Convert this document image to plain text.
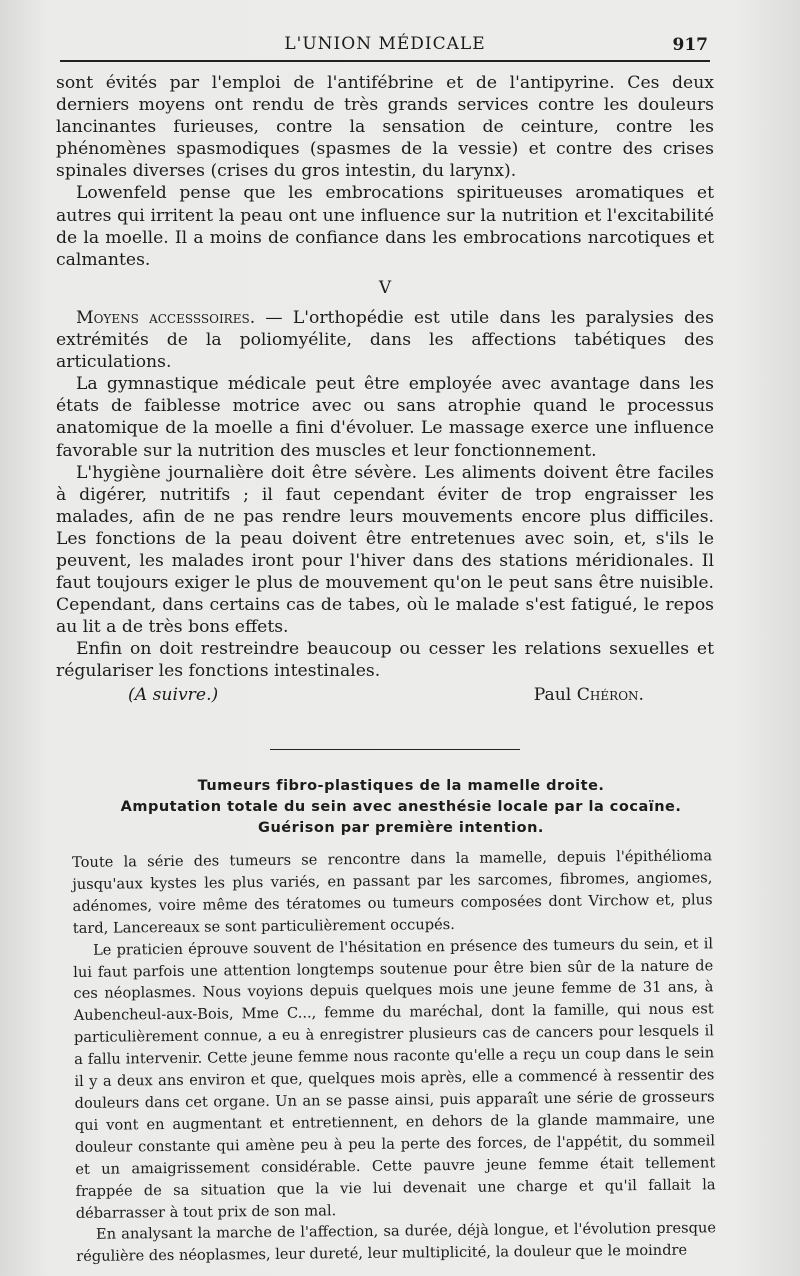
L'UNION MÉDICALE	917

sont évités par l'emploi de l'antifébrine et de l'antipyrine. Ces deux derniers moyens ont rendu de très grands services contre les douleurs lancinantes furieuses, contre la sensation de ceinture, contre les phénomènes spasmodiques (spasmes de la vessie) et contre des crises spinales diverses (crises du gros intestin, du larynx).

Lowenfeld pense que les embrocations spiritueuses aromatiques et autres qui irritent la peau ont une influence sur la nutrition et l'excitabilité de la moelle. Il a moins de confiance dans les embrocations narcotiques et calmantes.

V

Moyens accesssoires. — L'orthopédie est utile dans les paralysies des extrémités de la poliomyélite, dans les affections tabétiques des articulations.

La gymnastique médicale peut être employée avec avantage dans les états de faiblesse motrice avec ou sans atrophie quand le processus anatomique de la moelle a fini d'évoluer. Le massage exerce une influence favorable sur la nutrition des muscles et leur fonctionnement.

L'hygiène journalière doit être sévère. Les aliments doivent être faciles à digérer, nutritifs ; il faut cependant éviter de trop engraisser les malades, afin de ne pas rendre leurs mouvements encore plus difficiles. Les fonctions de la peau doivent être entretenues avec soin, et, s'ils le peuvent, les malades iront pour l'hiver dans des stations méridionales. Il faut toujours exiger le plus de mouvement qu'on le peut sans être nuisible. Cependant, dans certains cas de tabes, où le malade s'est fatigué, le repos au lit a de très bons effets.

Enfin on doit restreindre beaucoup ou cesser les relations sexuelles et régulariser les fonctions intestinales.

(A suivre.)	Paul Chéron.
Tumeurs fibro-plastiques de la mamelle droite.
Amputation totale du sein avec anesthésie locale par la cocaïne.
Guérison par première intention.

Toute la série des tumeurs se rencontre dans la mamelle, depuis l'épithélioma jusqu'aux kystes les plus variés, en passant par les sarcomes, fibromes, angiomes, adénomes, voire même des tératomes ou tumeurs composées dont Virchow et, plus tard, Lancereaux se sont particulièrement occupés.

Le praticien éprouve souvent de l'hésitation en présence des tumeurs du sein, et il lui faut parfois une attention longtemps soutenue pour être bien sûr de la nature de ces néoplasmes. Nous voyions depuis quelques mois une jeune femme de 31 ans, à Aubencheul-aux-Bois, Mme C..., femme du maréchal, dont la famille, qui nous est particulièrement connue, a eu à enregistrer plusieurs cas de cancers pour lesquels il a fallu intervenir. Cette jeune femme nous raconte qu'elle a reçu un coup dans le sein il y a deux ans environ et que, quelques mois après, elle a commencé à ressentir des douleurs dans cet organe. Un an se passe ainsi, puis apparaît une série de grosseurs qui vont en augmentant et entretiennent, en dehors de la glande mammaire, une douleur constante qui amène peu à peu la perte des forces, de l'appétit, du sommeil et un amaigrissement considérable. Cette pauvre jeune femme était tellement frappée de sa situation que la vie lui devenait une charge et qu'il fallait la débarrasser à tout prix de son mal.

En analysant la marche de l'affection, sa durée, déjà longue, et l'évolution presque régulière des néoplasmes, leur dureté, leur multiplicité, la douleur que le moindre
